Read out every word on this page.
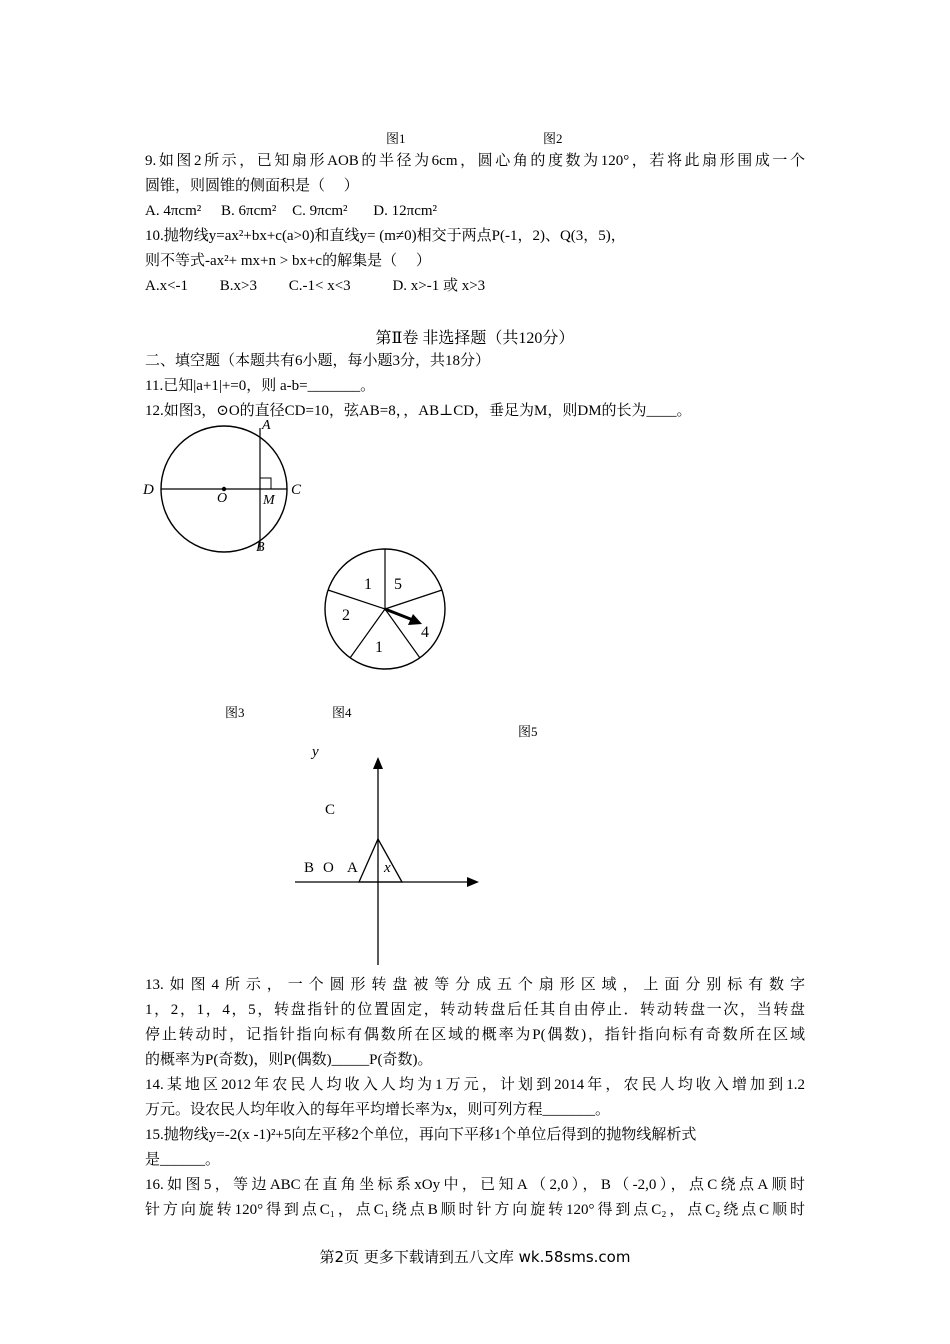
图1	图2
9.如图2所示，已知扇形AOB的半径为6cm，圆心角的度数为120°，若将此扇形围成一个
圆锥，则圆锥的侧面积是（　 ）
A. 4πcm² B. 6πcm² C. 9πcm² D. 12πcm²
10.抛物线y=ax²+bx+c(a>0)和直线y= (m≠0)相交于两点P(-1，2)、Q(3，5)，
则不等式-ax²+ mx+n > bx+c的解集是（　 ）
A.x<-1 B.x>3 C.-1< x<3	D. x>-1 或 x>3
第Ⅱ卷 非选择题（共120分）
二、填空题（本题共有6小题，每小题3分，共18分）
11.已知|a+1|+=0，则 a-b=_______。
12.如图3，⊙O的直径CD=10，弦AB=8，，AB⊥CD，垂足为M，则DM的长为____。
A
D
O	M
C
B
1 5
2
4
1
图3	图4
图5
y
C
B O A x
13.如图4所示，一个圆形转盘被等分成五个扇形区域，上面分别标有数字
1，2，1，4，5，转盘指针的位置固定，转动转盘后任其自由停止．转动转盘一次，当转盘
停止转动时，记指针指向标有偶数所在区域的概率为P(偶数)，指针指向标有奇数所在区域
的概率为P(奇数)，则P(偶数)_____P(奇数)。
14.某地区2012年农民人均收入人均为1万元，计划到2014年，农民人均收入增加到1.2
万元。设农民人均年收入的每年平均增长率为x，则可列方程_______。
15.抛物线y=-2(x -1)²+5向左平移2个单位，再向下平移1个单位后得到的抛物线解析式
是______。
16.如图5，等边ABC在直角坐标系xOy中，已知A（2,0），B（-2,0），点C绕点A顺时
针方向旋转120°得到点C₁，点C₁绕点B顺时针方向旋转120°得到点C₂，点C₂绕点C顺时
第2页 更多下载请到五八文库 wk.58sms.com
